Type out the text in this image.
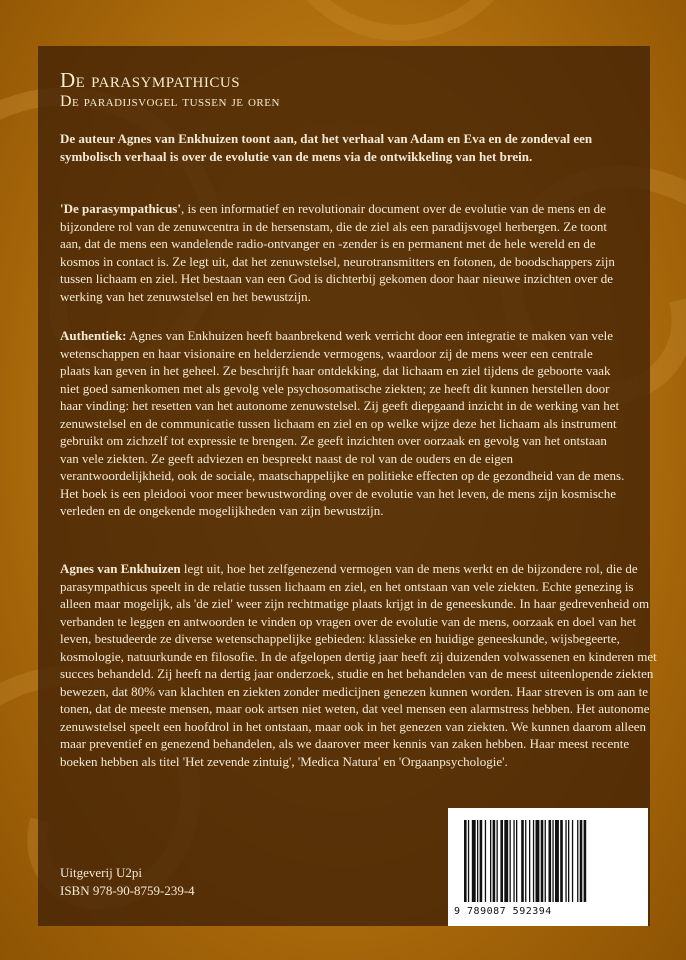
De parasympathicus
De paradijsvogel tussen je oren

De auteur Agnes van Enkhuizen toont aan, dat het verhaal van Adam en Eva en de zondeval een symbolisch verhaal is over de evolutie van de mens via de ontwikkeling van het brein.

'De parasympathicus', is een informatief en revolutionair document over de evolutie van de mens en de bijzondere rol van de zenuwcentra in de hersenstam, die de ziel als een paradijsvogel herbergen. Ze toont aan, dat de mens een wandelende radio-ontvanger en -zender is en permanent met de hele wereld en de kosmos in contact is. Ze legt uit, dat het zenuwstelsel, neurotransmitters en fotonen, de boodschappers zijn tussen lichaam en ziel. Het bestaan van een God is dichterbij gekomen door haar nieuwe inzichten over de werking van het zenuwstelsel en het bewustzijn.

Authentiek: Agnes van Enkhuizen heeft baanbrekend werk verricht door een integratie te maken van vele wetenschappen en haar visionaire en helderziende vermogens, waardoor zij de mens weer een centrale plaats kan geven in het geheel. Ze beschrijft haar ontdekking, dat lichaam en ziel tijdens de geboorte vaak niet goed samenkomen met als gevolg vele psychosomatische ziekten; ze heeft dit kunnen herstellen door haar vinding: het resetten van het autonome zenuwstelsel. Zij geeft diepgaand inzicht in de werking van het zenuwstelsel en de communicatie tussen lichaam en ziel en op welke wijze deze het lichaam als instrument gebruikt om zichzelf tot expressie te brengen. Ze geeft inzichten over oorzaak en gevolg van het ontstaan van vele ziekten. Ze geeft adviezen en bespreekt naast de rol van de ouders en de eigen verantwoordelijkheid, ook de sociale, maatschappelijke en politieke effecten op de gezondheid van de mens. Het boek is een pleidooi voor meer bewustwording over de evolutie van het leven, de mens zijn kosmische verleden en de ongekende mogelijkheden van zijn bewustzijn.

Agnes van Enkhuizen legt uit, hoe het zelfgenezend vermogen van de mens werkt en de bijzondere rol, die de parasympathicus speelt in de relatie tussen lichaam en ziel, en het ontstaan van vele ziekten. Echte genezing is alleen maar mogelijk, als 'de ziel' weer zijn rechtmatige plaats krijgt in de geneeskunde. In haar gedrevenheid om verbanden te leggen en antwoorden te vinden op vragen over de evolutie van de mens, oorzaak en doel van het leven, bestudeerde ze diverse wetenschappelijke gebieden: klassieke en huidige geneeskunde, wijsbegeerte, kosmologie, natuurkunde en filosofie. In de afgelopen dertig jaar heeft zij duizenden volwassenen en kinderen met succes behandeld. Zij heeft na dertig jaar onderzoek, studie en het behandelen van de meest uiteenlopende ziekten bewezen, dat 80% van klachten en ziekten zonder medicijnen genezen kunnen worden. Haar streven is om aan te tonen, dat de meeste mensen, maar ook artsen niet weten, dat veel mensen een alarmstress hebben. Het autonome zenuwstelsel speelt een hoofdrol in het ontstaan, maar ook in het genezen van ziekten. We kunnen daarom alleen maar preventief en genezend behandelen, als we daarover meer kennis van zaken hebben. Haar meest recente boeken hebben als titel 'Het zevende zintuig', 'Medica Natura' en 'Orgaanpsychologie'.

Uitgeverij U2pi
ISBN 978-90-8759-239-4
9 789087 592394
